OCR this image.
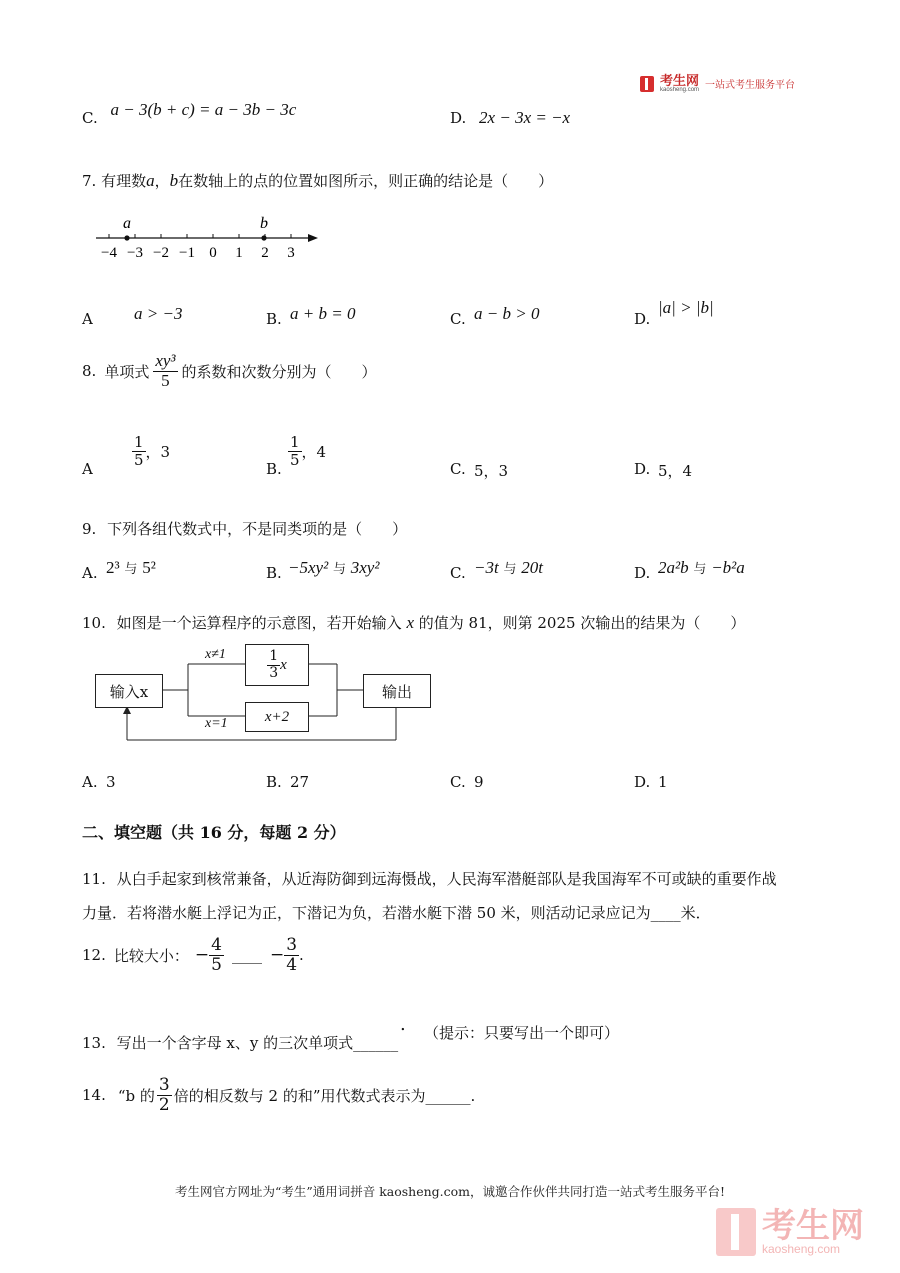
考生网
kaosheng.com 一站式考生服务平台
C. a − 3(b + c) = a − 3b − 3c	D. 2x − 3x = −x
7. 有理数a，b在数轴上的点的位置如图所示，则正确的结论是（　　）
−4 −3 −2 −1 0 1 2 3
a	b
A a > −3	B. a + b = 0	C. a − b > 0	D.
|a| > |b|
8. 单项式 $\frac{\text{xy³}}{5}$ 的系数和次数分别为（　　）
A
$\frac{1}{5}$ ，3
B.
$\frac{1}{5}$ ，4
C. 5，3	D. 5，4
9. 下列各组代数式中，不是同类项的是（　　）
A. 2³ 与 5²	B. −5xy² 与 3xy²	C. −3t 与 20t	D. 2a²b 与 −b²a
10. 如图是一个运算程序的示意图，若开始输入 x 的值为 81，则第 2025 次输出的结果为（　　）
输入x
$\frac{1}{3}$ x
x+2
输出
x≠1
x=1
A. 3	B. 27	C. 9	D. 1
二、填空题（共 16 分，每题 2 分）
11. 从白手起家到核常兼备，从近海防御到远海慑战，人民海军潜艇部队是我国海军不可或缺的重要作战
力量．若将潜水艇上浮记为正，下潜记为负，若潜水艇下潜 50 米，则活动记录应记为____米．
12. 比较大小： − $\frac{4}{5}$ ____ − $\frac{3}{4}$ .
13. 写出一个含字母 x、y 的三次单项式______
. （提示：只要写出一个即可）
14. “b 的 $\frac{3}{2}$ 倍的相反数与 2 的和”用代数式表示为______.
考生网官方网址为“考生”通用词拼音 kaosheng.com，诚邀合作伙伴共同打造一站式考生服务平台!
考生网
kaosheng.com
